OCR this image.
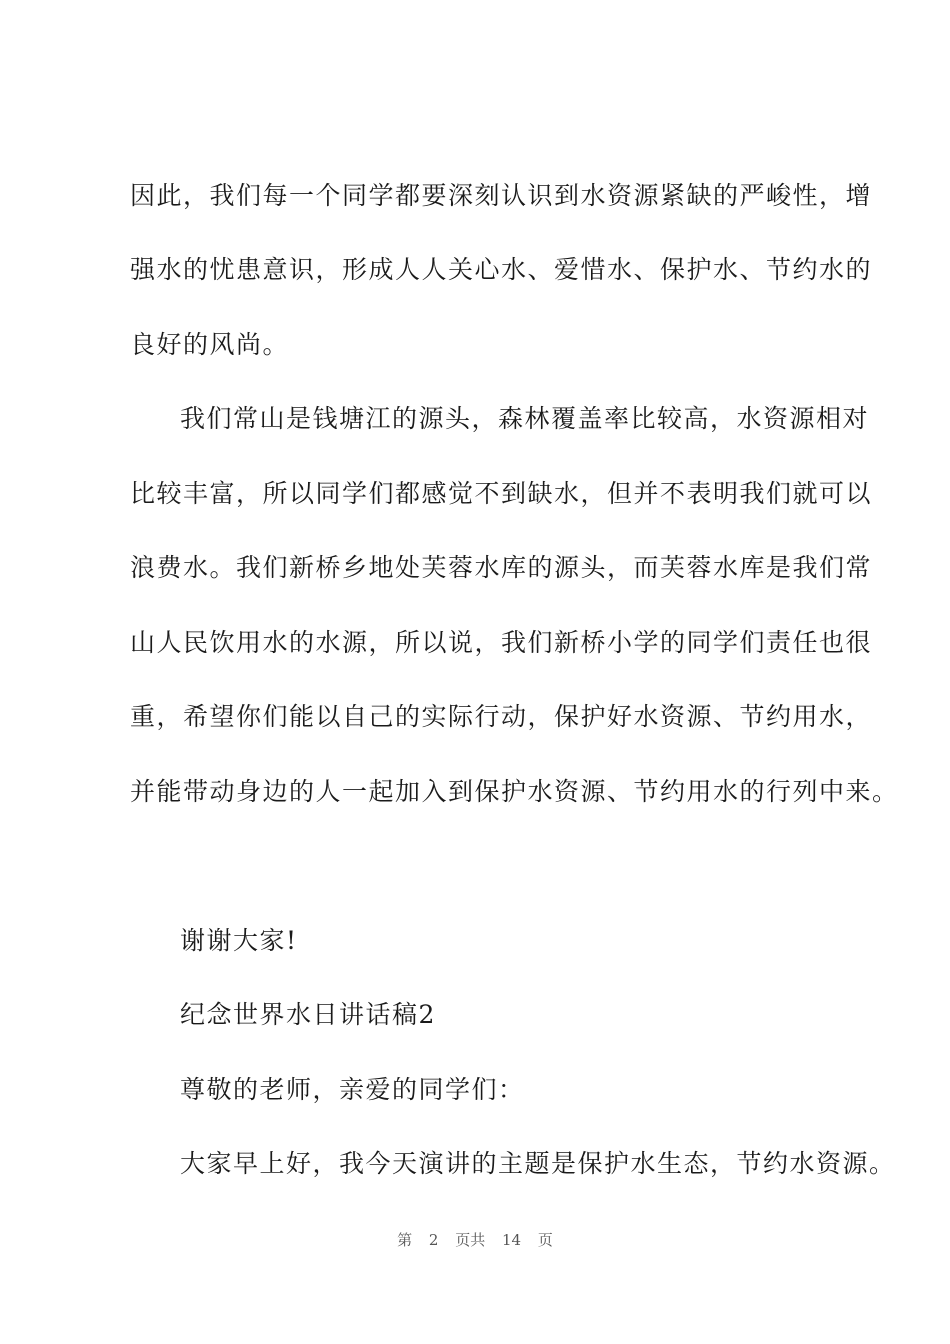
因此，我们每一个同学都要深刻认识到水资源紧缺的严峻性，增
强水的忧患意识，形成人人关心水、爱惜水、保护水、节约水的
良好的风尚。
我们常山是钱塘江的源头，森林覆盖率比较高，水资源相对
比较丰富，所以同学们都感觉不到缺水，但并不表明我们就可以
浪费水。我们新桥乡地处芙蓉水库的源头，而芙蓉水库是我们常
山人民饮用水的水源，所以说，我们新桥小学的同学们责任也很
重，希望你们能以自己的实际行动，保护好水资源、节约用水，
并能带动身边的人一起加入到保护水资源、节约用水的行列中来。
谢谢大家!
纪念世界水日讲话稿2
尊敬的老师，亲爱的同学们：
大家早上好，我今天演讲的主题是保护水生态，节约水资源。
第 2 页共 14 页
